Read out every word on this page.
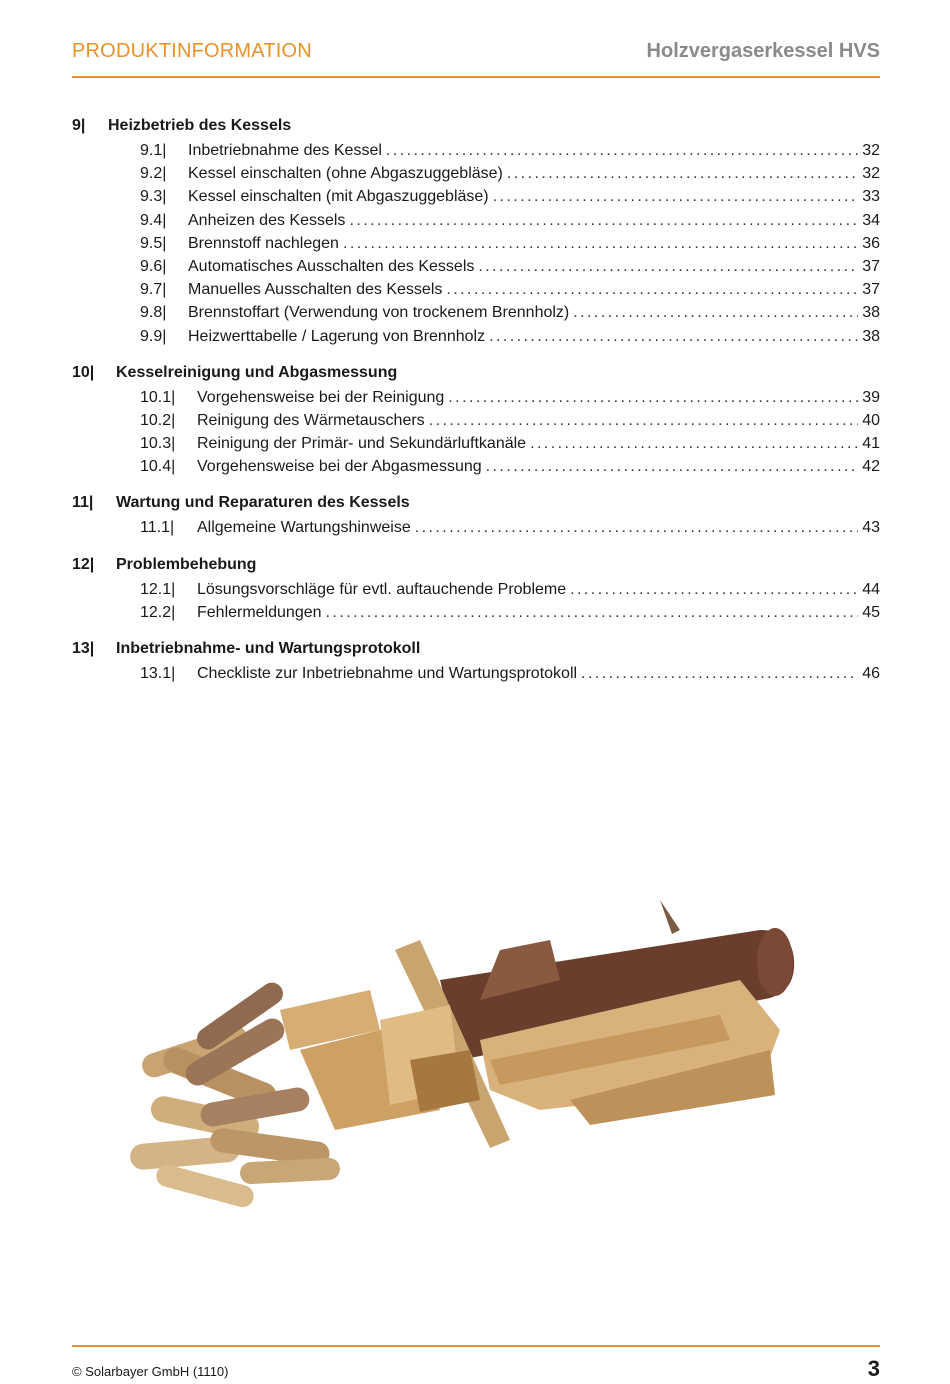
PRODUKTINFORMATION	Holzvergaserkessel HVS
9|	Heizbetrieb des Kessels
9.1|	Inbetriebnahme des Kessel . . .	32
9.2|	Kessel einschalten (ohne Abgaszuggebläse) . . .	32
9.3|	Kessel einschalten (mit Abgaszuggebläse) . . .	33
9.4|	Anheizen des Kessels . . .	34
9.5|	Brennstoff nachlegen . . .	36
9.6|	Automatisches Ausschalten des Kessels . . .	37
9.7|	Manuelles Ausschalten des Kessels . . .	37
9.8|	Brennstoffart (Verwendung von trockenem Brennholz) . . .	38
9.9|	Heizwerttabelle / Lagerung von Brennholz . . .	38
10|	Kesselreinigung und Abgasmessung
10.1|	Vorgehensweise bei der Reinigung . . .	39
10.2|	Reinigung des Wärmetauschers . . .	40
10.3|	Reinigung der Primär- und Sekundärluftkanäle . . .	41
10.4|	Vorgehensweise bei der Abgasmessung . . .	42
11|	Wartung und Reparaturen des Kessels
11.1|	Allgemeine Wartungshinweise . . .	43
12|	Problembehebung
12.1|	Lösungsvorschläge für evtl. auftauchende Probleme . . .	44
12.2|	Fehlermeldungen . . .	45
13|	Inbetriebnahme- und Wartungsprotokoll
13.1|	Checkliste zur Inbetriebnahme und Wartungsprotokoll . . .	46
© Solarbayer GmbH (1110)	3
